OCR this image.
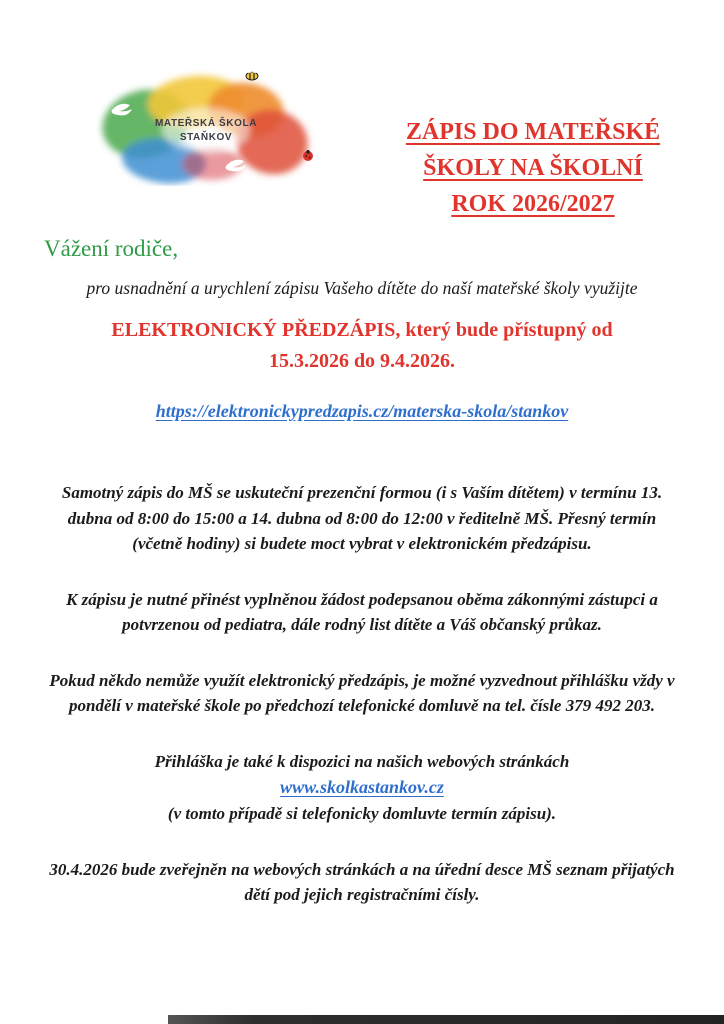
MATEŘSKÁ ŠKOLA
STAŇKOV	ZÁPIS DO MATEŘSKÉ
ŠKOLY NA ŠKOLNÍ
ROK 2026/2027
Vážení rodiče,
pro usnadnění a urychlení zápisu Vašeho dítěte do naší mateřské školy využijte
ELEKTRONICKÝ PŘEDZÁPIS, který bude přístupný od
15.3.2026 do 9.4.2026.
https://elektronickypredzapis.cz/materska-skola/stankov

Samotný zápis do MŠ se uskuteční prezenční formou (i s Vaším dítětem) v termínu 13. dubna od 8:00 do 15:00 a 14. dubna od 8:00 do 12:00 v ředitelně MŠ. Přesný termín (včetně hodiny) si budete moct vybrat v elektronickém předzápisu.

K zápisu je nutné přinést vyplněnou žádost podepsanou oběma zákonnými zástupci a potvrzenou od pediatra, dále rodný list dítěte a Váš občanský průkaz.

Pokud někdo nemůže využít elektronický předzápis, je možné vyzvednout přihlášku vždy v pondělí v mateřské škole po předchozí telefonické domluvě na tel. čísle 379 492 203.

Přihláška je také k dispozici na našich webových stránkách
www.skolkastankov.cz
(v tomto případě si telefonicky domluvte termín zápisu).

30.4.2026 bude zveřejněn na webových stránkách a na úřední desce MŠ seznam přijatých dětí pod jejich registračními čísly.
